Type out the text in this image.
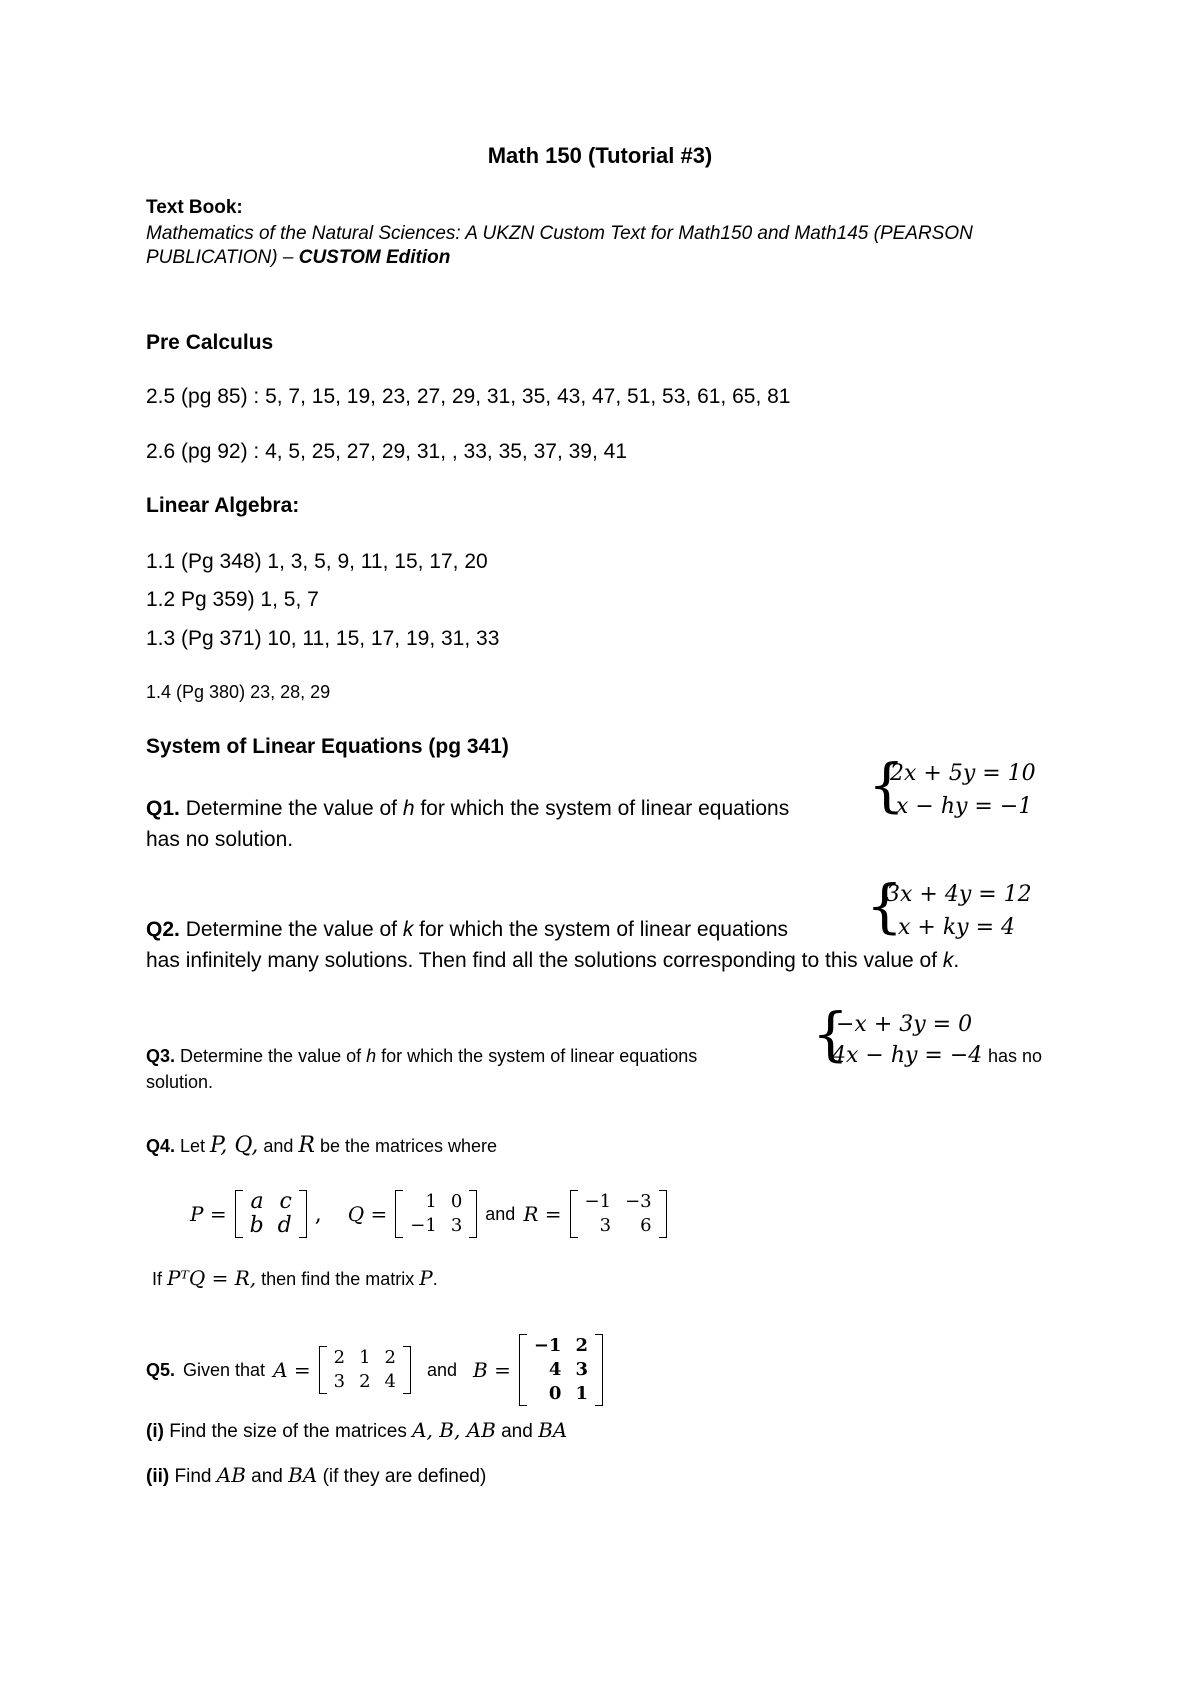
Math 150 (Tutorial #3)
Text Book:
Mathematics of the Natural Sciences: A UKZN Custom Text for Math150 and Math145 (PEARSON
PUBLICATION) – CUSTOM Edition
Pre Calculus
2.5 (pg 85) : 5, 7, 15, 19, 23, 27, 29, 31, 35, 43, 47, 51, 53, 61, 65, 81
2.6 (pg 92) : 4, 5, 25, 27, 29, 31, , 33, 35, 37, 39, 41
Linear Algebra:
1.1 (Pg 348) 1, 3, 5, 9, 11, 15, 17, 20
1.2 Pg 359) 1, 5, 7
1.3 (Pg 371) 10, 11, 15, 17, 19, 31, 33
1.4 (Pg 380) 23, 28, 29
System of Linear Equations (pg 341)
Q1. Determine the value of h for which the system of linear equations
has no solution.
{
2x + 5y = 10
x − hy = −1
Q2. Determine the value of k for which the system of linear equations
has infinitely many solutions. Then find all the solutions corresponding to this value of k.
{
3x + 4y = 12
x + ky = 4
Q3. Determine the value of h for which the system of linear equations
solution.
{
−x + 3y = 0
4x − hy = −4 has no
Q4. Let P, Q, and R be the matrices where
P = a	c
b	d , Q =
1	0
−1	3
and R =
−1	−3
3	6
If PᵀQ = R, then find the matrix P.
Q5. Given that A =
2	1	2
3	2	4
and B =
−1	2
4	3
0	1
(i) Find the size of the matrices A, B, AB and BA
(ii) Find AB and BA (if they are defined)
